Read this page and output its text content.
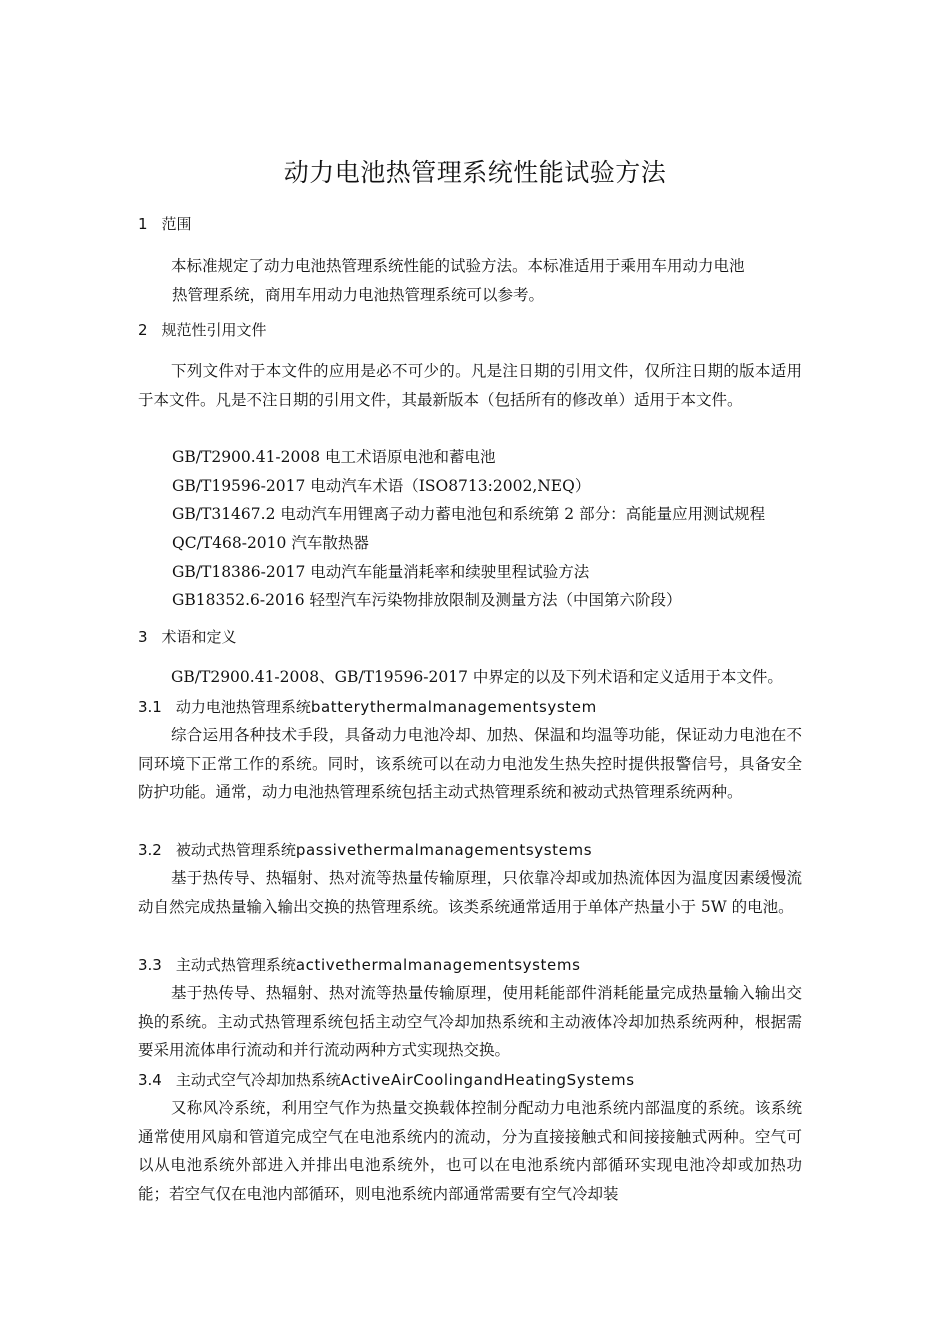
动力电池热管理系统性能试验方法
1 范围
本标准规定了动力电池热管理系统性能的试验方法。本标准适用于乘用车用动力电池
热管理系统，商用车用动力电池热管理系统可以参考。
2 规范性引用文件
下列文件对于本文件的应用是必不可少的。凡是注日期的引用文件，仅所注日期的版本适用于本文件。凡是不注日期的引用文件，其最新版本（包括所有的修改单）适用于本文件。
GB/T2900.41-2008 电工术语原电池和蓄电池
GB/T19596-2017 电动汽车术语（ISO8713:2002,NEQ）
GB/T31467.2 电动汽车用锂离子动力蓄电池包和系统第 2 部分：高能量应用测试规程
QC/T468-2010 汽车散热器
GB/T18386-2017 电动汽车能量消耗率和续驶里程试验方法
GB18352.6-2016 轻型汽车污染物排放限制及测量方法（中国第六阶段）
3 术语和定义
GB/T2900.41-2008、GB/T19596-2017 中界定的以及下列术语和定义适用于本文件。
3.1 动力电池热管理系统batterythermalmanagementsystem
综合运用各种技术手段，具备动力电池冷却、加热、保温和均温等功能，保证动力电池在不同环境下正常工作的系统。同时，该系统可以在动力电池发生热失控时提供报警信号，具备安全防护功能。通常，动力电池热管理系统包括主动式热管理系统和被动式热管理系统两种。
3.2 被动式热管理系统passivethermalmanagementsystems
基于热传导、热辐射、热对流等热量传输原理，只依靠冷却或加热流体因为温度因素缓慢流动自然完成热量输入输出交换的热管理系统。该类系统通常适用于单体产热量小于 5W 的电池。
3.3 主动式热管理系统activethermalmanagementsystems
基于热传导、热辐射、热对流等热量传输原理，使用耗能部件消耗能量完成热量输入输出交换的系统。主动式热管理系统包括主动空气冷却加热系统和主动液体冷却加热系统两种，根据需要采用流体串行流动和并行流动两种方式实现热交换。
3.4 主动式空气冷却加热系统ActiveAirCoolingandHeatingSystems
又称风冷系统，利用空气作为热量交换载体控制分配动力电池系统内部温度的系统。该系统通常使用风扇和管道完成空气在电池系统内的流动，分为直接接触式和间接接触式两种。空气可以从电池系统外部进入并排出电池系统外，也可以在电池系统内部循环实现电池冷却或加热功能；若空气仅在电池内部循环，则电池系统内部通常需要有空气冷却装
